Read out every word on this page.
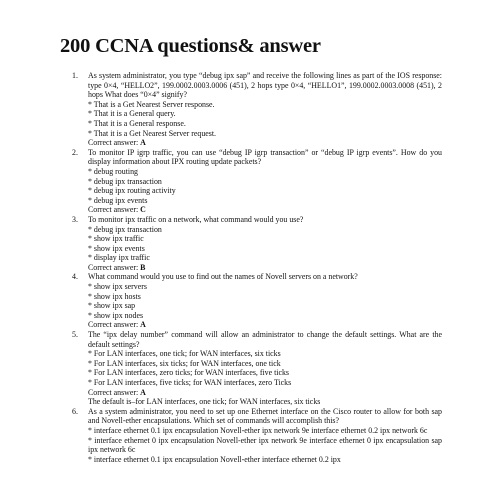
200 CCNA questions& answer
1. As system administrator, you type “debug ipx sap” and receive the following lines as part of the IOS response: type 0×4, “HELLO2”, 199.0002.0003.0006 (451), 2 hops type 0×4, “HELLO1”, 199.0002.0003.0008 (451), 2 hops What does “0×4” signify?
* That is a Get Nearest Server response.
* That it is a General query.
* That it is a General response.
* That it is a Get Nearest Server request.
Correct answer: A
2. To monitor IP igrp traffic, you can use “debug IP igrp transaction” or “debug IP igrp events”. How do you display information about IPX routing update packets?
* debug routing
* debug ipx transaction
* debug ipx routing activity
* debug ipx events
Correct answer: C
3. To monitor ipx traffic on a network, what command would you use?
* debug ipx transaction
* show ipx traffic
* show ipx events
* display ipx traffic
Correct answer: B
4. What command would you use to find out the names of Novell servers on a network?
* show ipx servers
* show ipx hosts
* show ipx sap
* show ipx nodes
Correct answer: A
5. The “ipx delay number” command will allow an administrator to change the default settings. What are the default settings?
* For LAN interfaces, one tick; for WAN interfaces, six ticks
* For LAN interfaces, six ticks; for WAN interfaces, one tick
* For LAN interfaces, zero ticks; for WAN interfaces, five ticks
* For LAN interfaces, five ticks; for WAN interfaces, zero Ticks
Correct answer: A
The default is–for LAN interfaces, one tick; for WAN interfaces, six ticks
6. As a system administrator, you need to set up one Ethernet interface on the Cisco router to allow for both sap and Novell-ether encapsulations. Which set of commands will accomplish this?
* interface ethernet 0.1 ipx encapsulation Novell-ether ipx network 9e interface ethernet 0.2 ipx network 6c
* interface ethernet 0 ipx encapsulation Novell-ether ipx network 9e interface ethernet 0 ipx encapsulation sap ipx network 6c
* interface ethernet 0.1 ipx encapsulation Novell-ether interface ethernet 0.2 ipx
